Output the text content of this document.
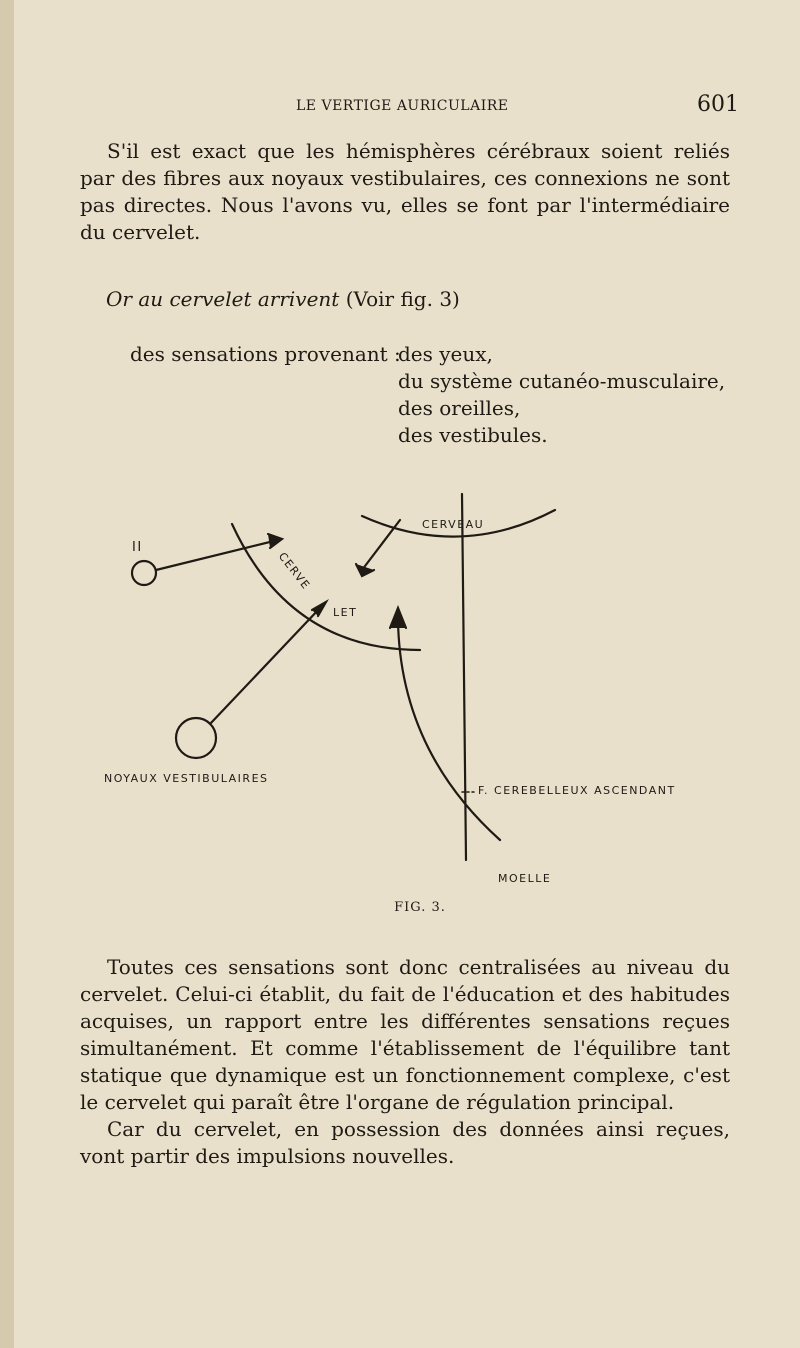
LE VERTIGE AURICULAIRE	601

S'il est exact que les hémisphères cérébraux soient reliés par des fibres aux noyaux vestibulaires, ces connexions ne sont pas directes. Nous l'avons vu, elles se font par l'intermédiaire du cervelet.

Or au cervelet arrivent (Voir fig. 3)
des sensations provenant :
des yeux,
du système cutanéo-musculaire,
des oreilles,
des vestibules.
CERVEAU
CERVE
LET
II
NOYAUX VESTIBULAIRES
F. CEREBELLEUX ASCENDANT
MOELLE
FIG. 3.

Toutes ces sensations sont donc centralisées au niveau du cervelet. Celui-ci établit, du fait de l'éducation et des habitudes acquises, un rapport entre les différentes sensations reçues simultanément. Et comme l'établissement de l'équilibre tant statique que dynamique est un fonctionnement complexe, c'est le cervelet qui paraît être l'organe de régulation principal.

Car du cervelet, en possession des données ainsi reçues, vont partir des impulsions nouvelles.
